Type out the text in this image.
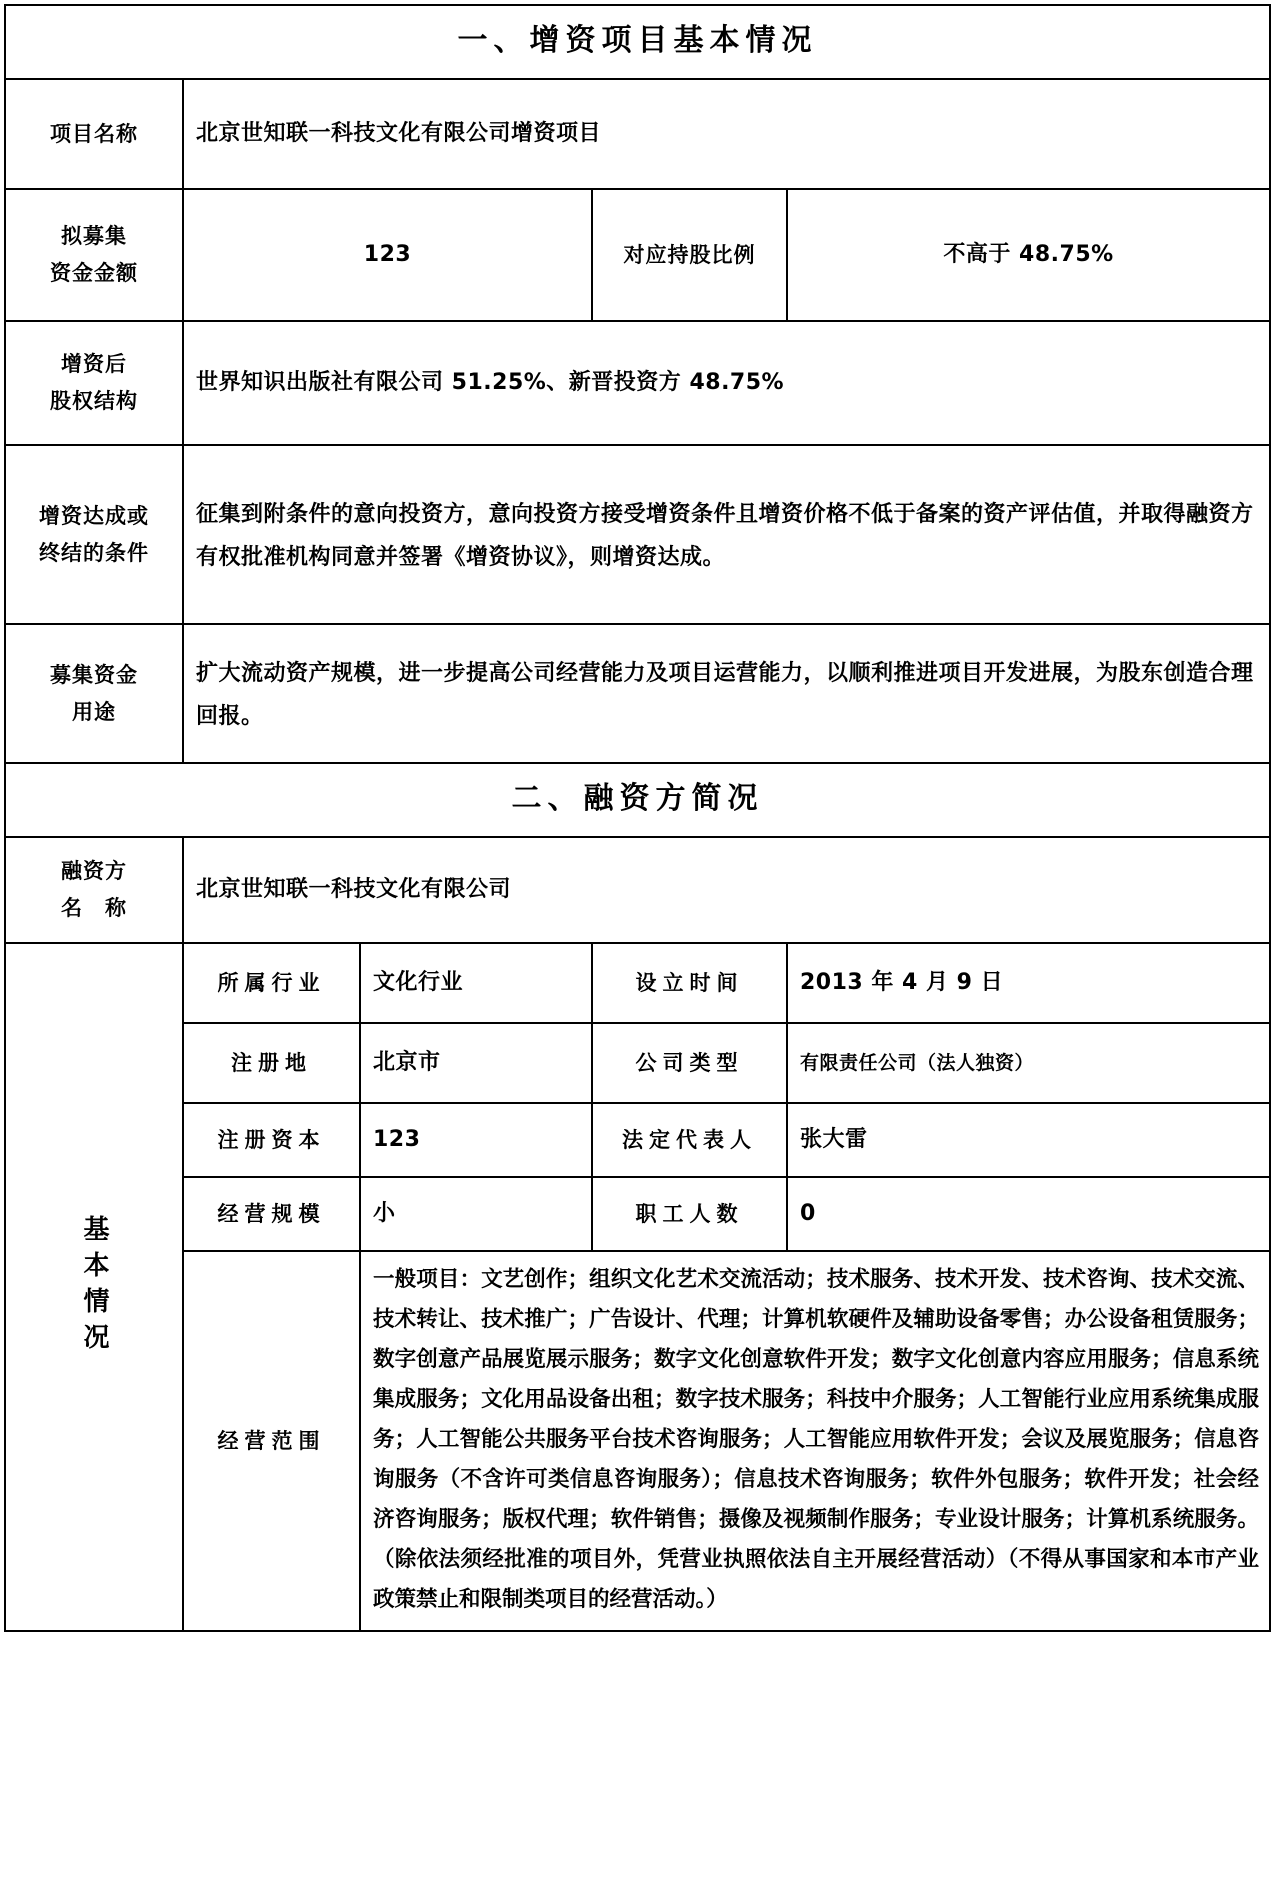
一、增资项目基本情况				
项目名称	北京世知联一科技文化有限公司增资项目			

拟募集
资金金额	123		对应持股比例	不高于 48.75%

增资后
股权结构	世界知识出版社有限公司 51.25%、新晋投资方 48.75%			

增资达成或
终结的条件	征集到附条件的意向投资方，意向投资方接受增资条件且增资价格不低于备案的资产评估值，并取得融资方有权批准机构同意并签署《增资协议》，则增资达成。			

募集资金
用途	扩大流动资产规模，进一步提高公司经营能力及项目运营能力，以顺利推进项目开发进展，为股东创造合理回报。			
二、融资方简况				

融资方
名　称	北京世知联一科技文化有限公司			

基本情况	所属行业	文化行业	设立时间	2013 年 4 月 9 日
	注册地	北京市	公司类型	有限责任公司（法人独资）
	注册资本	123	法定代表人	张大雷
	经营规模	小	职工人数	0
	经营范围	一般项目：文艺创作；组织文化艺术交流活动；技术服务、技术开发、技术咨询、技术交流、技术转让、技术推广；广告设计、代理；计算机软硬件及辅助设备零售；办公设备租赁服务；数字创意产品展览展示服务；数字文化创意软件开发；数字文化创意内容应用服务；信息系统集成服务；文化用品设备出租；数字技术服务；科技中介服务；人工智能行业应用系统集成服务；人工智能公共服务平台技术咨询服务；人工智能应用软件开发；会议及展览服务；信息咨询服务（不含许可类信息咨询服务）；信息技术咨询服务；软件外包服务；软件开发；社会经济咨询服务；版权代理；软件销售；摄像及视频制作服务；专业设计服务；计算机系统服务。（除依法须经批准的项目外，凭营业执照依法自主开展经营活动）（不得从事国家和本市产业政策禁止和限制类项目的经营活动。）		
